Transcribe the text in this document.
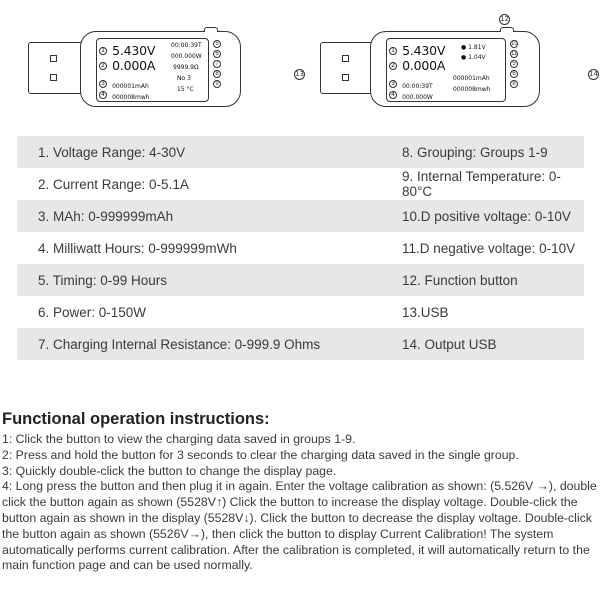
1 5.430V
2 0.000A
3 000001mAh
4 000008mwh
00:00:39T
000.000W
9999.9Ω
No 3
15 °C
5
6
7
8
9
12
13	14
1 5.430V
2 0.000A
● 1.81V
● 1.04V
3 00:00:39T
4 000.000W
000001mAh
000008mwh
10
11
5
6
8
1. Voltage Range: 4-30V	8. Grouping: Groups 1-9
2. Current Range: 0-5.1A	9. Internal Temperature: 0-80°C
3. MAh: 0-999999mAh	10.D positive voltage: 0-10V
4. Milliwatt Hours: 0-999999mWh	11.D negative voltage: 0-10V
5. Timing: 0-99 Hours	12. Function button
6. Power: 0-150W	13.USB
7. Charging Internal Resistance: 0-999.9 Ohms	14. Output USB
Functional operation instructions:

1: Click the button to view the charging data saved in groups 1-9.
2: Press and hold the button for 3 seconds to clear the charging data saved in the single group.
3: Quickly double-click the button to change the display page.
4: Long press the button and then plug it in again. Enter the voltage calibration as shown: (5.526V →), double click the button again as shown (5528V↑) Click the button to increase the display voltage. Double-click the button again as shown in the display (5528V↓). Click the button to decrease the display voltage. Double-click the button again as shown (5526V→), then click the button to display Current Calibration! The system automatically performs current calibration. After the calibration is completed, it will automatically return to the main function page and can be used normally.
